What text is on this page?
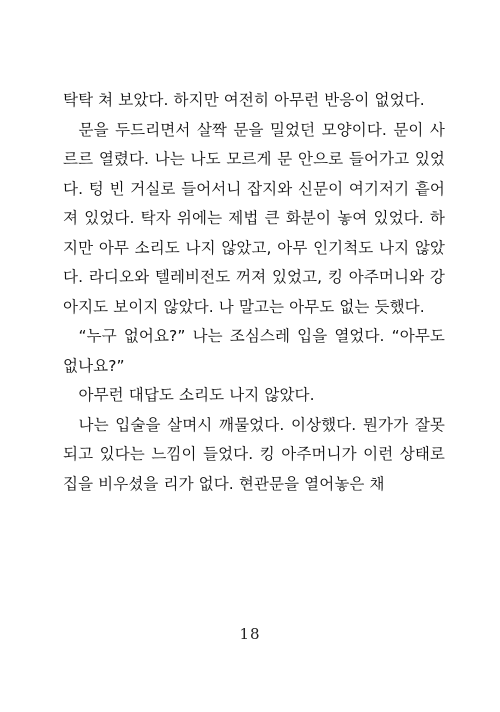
탁탁 쳐 보았다. 하지만 여전히 아무런 반응이 없었다.

문을 두드리면서 살짝 문을 밀었던 모양이다. 문이 사르르 열렸다. 나는 나도 모르게 문 안으로 들어가고 있었다. 텅 빈 거실로 들어서니 잡지와 신문이 여기저기 흩어져 있었다. 탁자 위에는 제법 큰 화분이 놓여 있었다. 하지만 아무 소리도 나지 않았고, 아무 인기척도 나지 않았다. 라디오와 텔레비전도 꺼져 있었고, 킹 아주머니와 강아지도 보이지 않았다. 나 말고는 아무도 없는 듯했다.

“누구 없어요?” 나는 조심스레 입을 열었다. “아무도 없나요?”

아무런 대답도 소리도 나지 않았다.

나는 입술을 살며시 깨물었다. 이상했다. 뭔가가 잘못되고 있다는 느낌이 들었다. 킹 아주머니가 이런 상태로 집을 비우셨을 리가 없다. 현관문을 열어놓은 채

18
